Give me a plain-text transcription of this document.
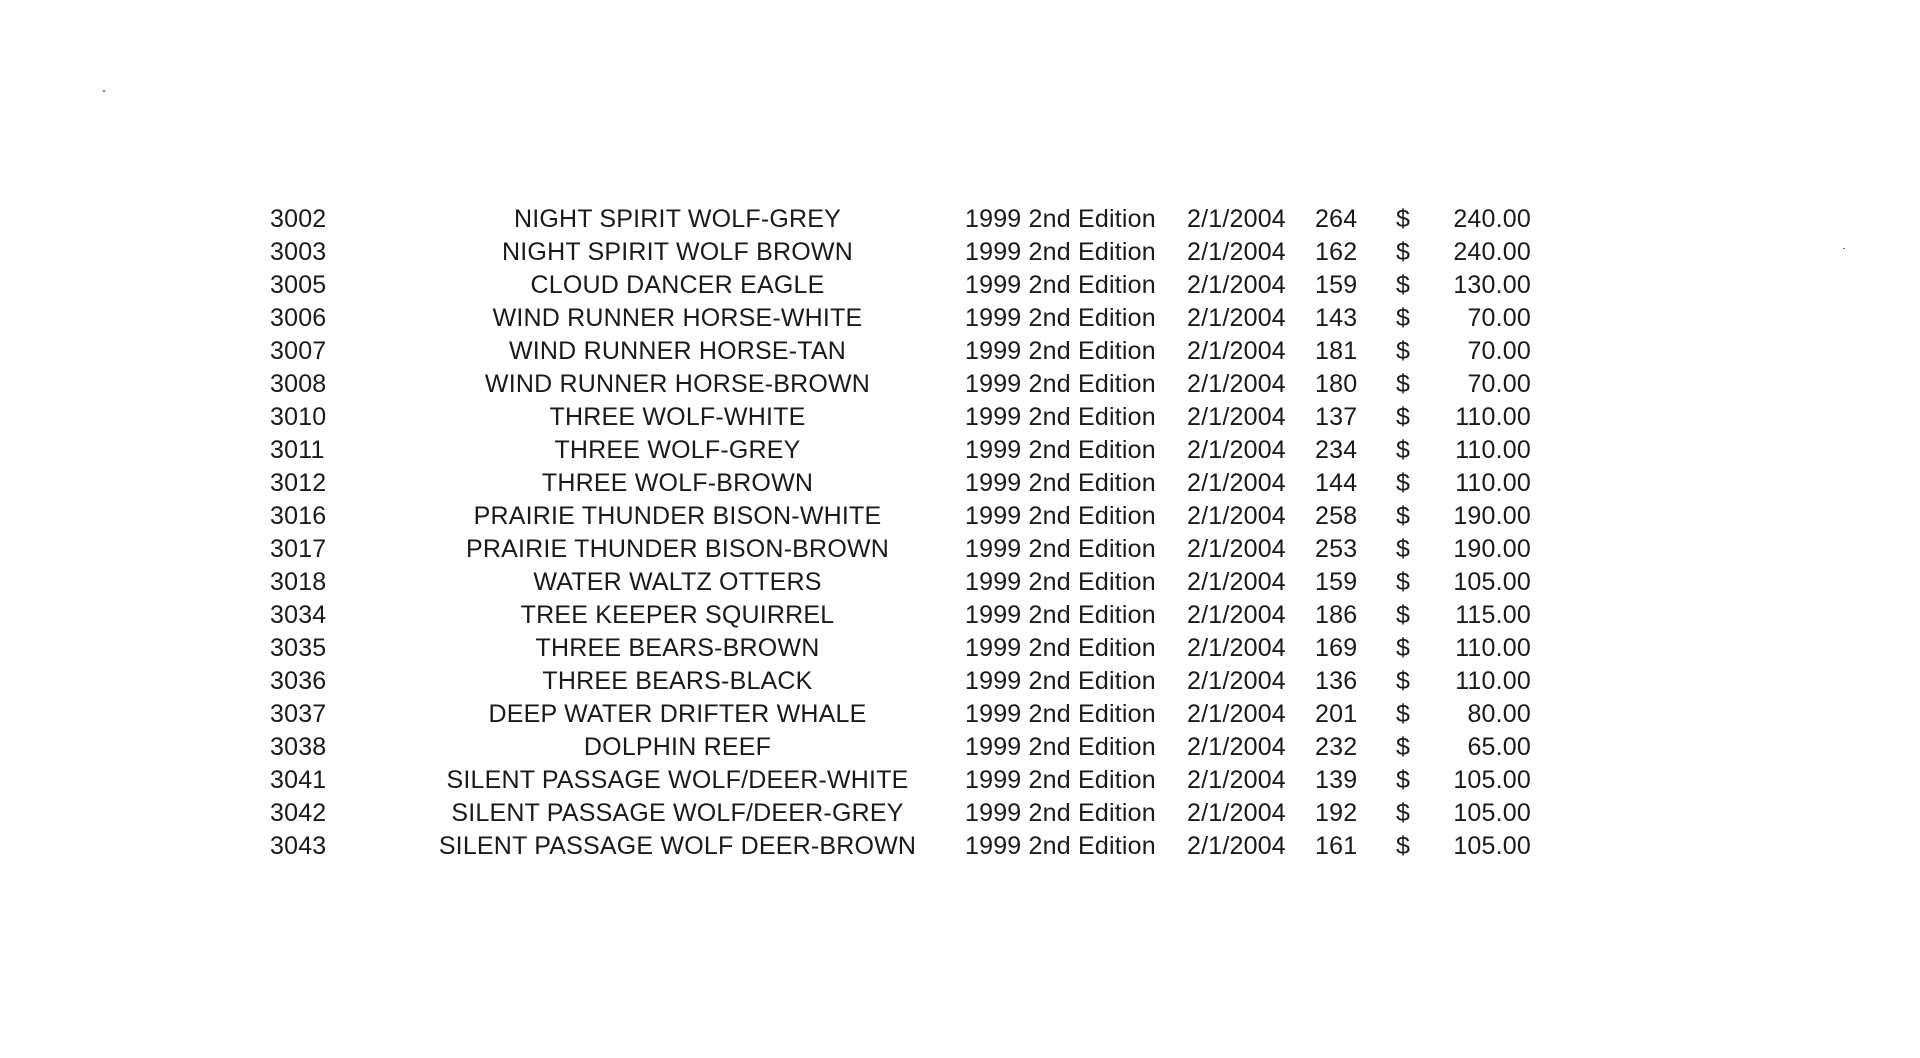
3002	NIGHT SPIRIT WOLF-GREY	1999 2nd Edition	2/1/2004	264	$	240.00
3003	NIGHT SPIRIT WOLF BROWN	1999 2nd Edition	2/1/2004	162	$	240.00
3005	CLOUD DANCER EAGLE	1999 2nd Edition	2/1/2004	159	$	130.00
3006	WIND RUNNER HORSE-WHITE	1999 2nd Edition	2/1/2004	143	$	70.00
3007	WIND RUNNER HORSE-TAN	1999 2nd Edition	2/1/2004	181	$	70.00
3008	WIND RUNNER HORSE-BROWN	1999 2nd Edition	2/1/2004	180	$	70.00
3010	THREE WOLF-WHITE	1999 2nd Edition	2/1/2004	137	$	110.00
3011	THREE WOLF-GREY	1999 2nd Edition	2/1/2004	234	$	110.00
3012	THREE WOLF-BROWN	1999 2nd Edition	2/1/2004	144	$	110.00
3016	PRAIRIE THUNDER BISON-WHITE	1999 2nd Edition	2/1/2004	258	$	190.00
3017	PRAIRIE THUNDER BISON-BROWN	1999 2nd Edition	2/1/2004	253	$	190.00
3018	WATER WALTZ OTTERS	1999 2nd Edition	2/1/2004	159	$	105.00
3034	TREE KEEPER SQUIRREL	1999 2nd Edition	2/1/2004	186	$	115.00
3035	THREE BEARS-BROWN	1999 2nd Edition	2/1/2004	169	$	110.00
3036	THREE BEARS-BLACK	1999 2nd Edition	2/1/2004	136	$	110.00
3037	DEEP WATER DRIFTER WHALE	1999 2nd Edition	2/1/2004	201	$	80.00
3038	DOLPHIN REEF	1999 2nd Edition	2/1/2004	232	$	65.00
3041	SILENT PASSAGE WOLF/DEER-WHITE	1999 2nd Edition	2/1/2004	139	$	105.00
3042	SILENT PASSAGE WOLF/DEER-GREY	1999 2nd Edition	2/1/2004	192	$	105.00
3043	SILENT PASSAGE WOLF DEER-BROWN	1999 2nd Edition	2/1/2004	161	$	105.00
